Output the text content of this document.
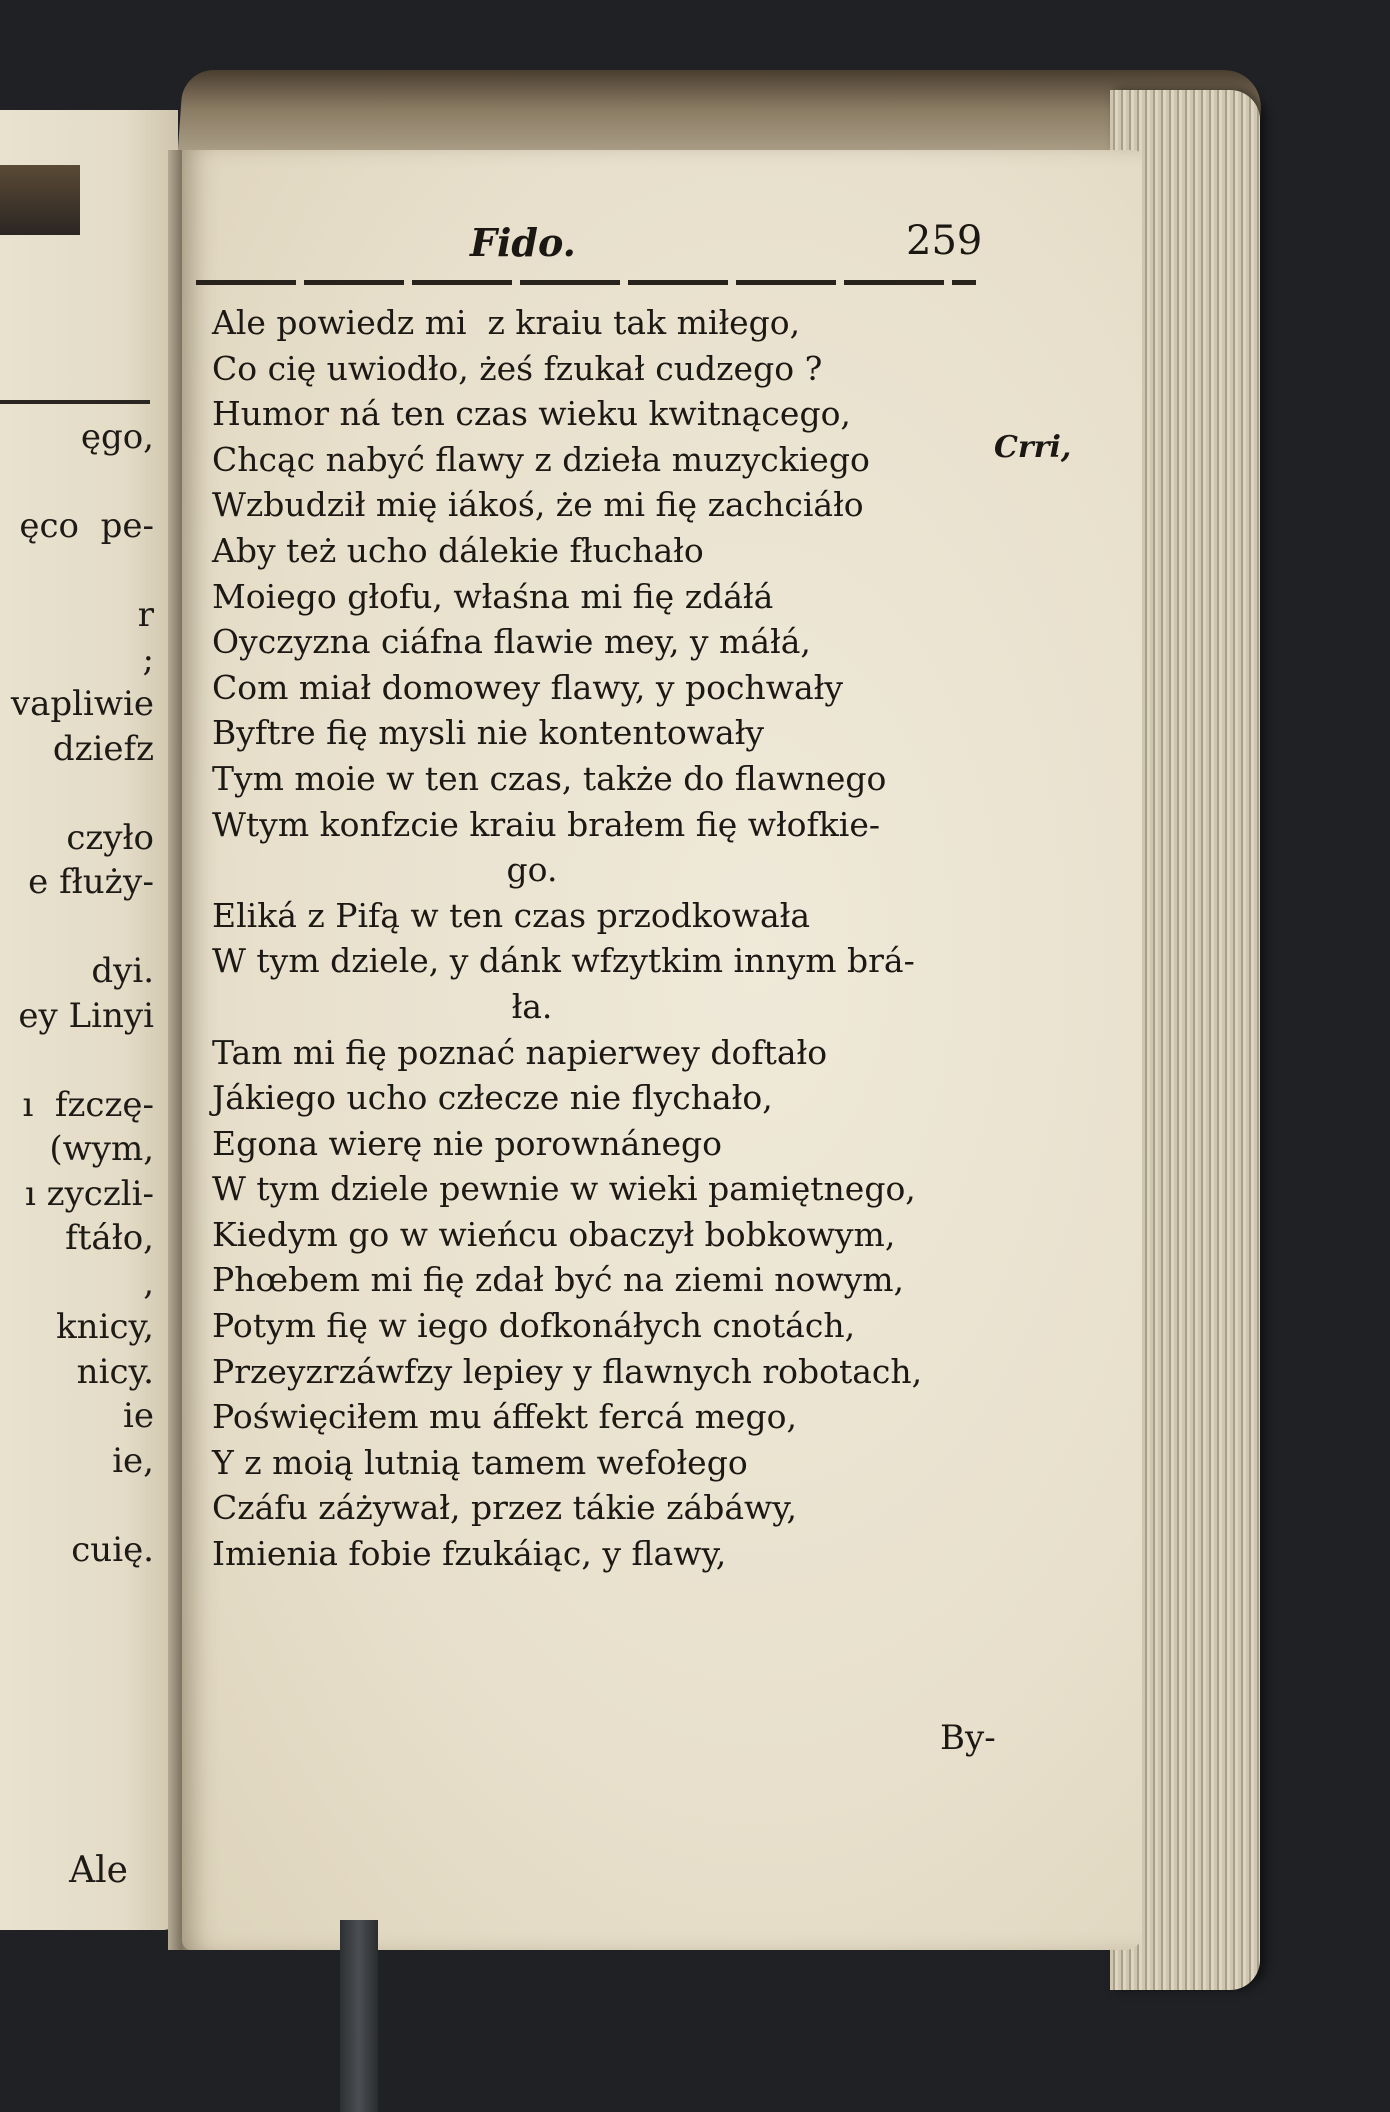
ęgo,
ęco  pe-
r
;
vapliwie
dziefz
czyło
e fłużу-
dyi.
ey Linyi
ı  fzczę-
(wym,
ı zyczli-
ftáło,
,
knicy,
nicy.
ie
ie,
cuię.
Ale
Fido.	259
Crri,
Ale powiedz mi  z kraiu tak miłego,
Co cię uwiodło, żeś fzukał cudzego ?
Humor ná ten czas wieku kwitnącego,
Chcąc nabyć flawy z dzieła muzyckiego
Wzbudził mię iákoś, że mi fię zachciáło
Aby też ucho dálekie fłuchało
Moiego głofu, właśna mi fię zdáłá
Oyczyzna ciáfna flawie mey, y máłá,
Com miał domowey flawy, y pochwały
Byftre fię mysli nie kontentowały
Tym moie w ten czas, także do flawnego
Wtym konfzcie kraiu brałem fię włofkie-
go.
Eliká z Pifą w ten czas przodkowała
W tym dziele, y dánk wfzytkim innym brá-
ła.
Tam mi fię poznać napierwey doftało
Jákiego ucho człecze nie flychało,
Egona wierę nie porownánego
W tym dziele pewnie w wieki pamiętnego,
Kiedym go w wieńcu obaczył bobkowym,
Phœbem mi fię zdał być na ziemi nowym,
Potym fię w iego dofkonáłych cnotách,
Przeyzrzáwfzy lepiey y flawnych robotach,
Poświęciłem mu áffekt fercá mego,
Y z moią lutnią tamem wefołego
Czáfu záżywał, przez tákie zábáwy,
Imienia fobie fzukáiąc, y flawy,
By-
